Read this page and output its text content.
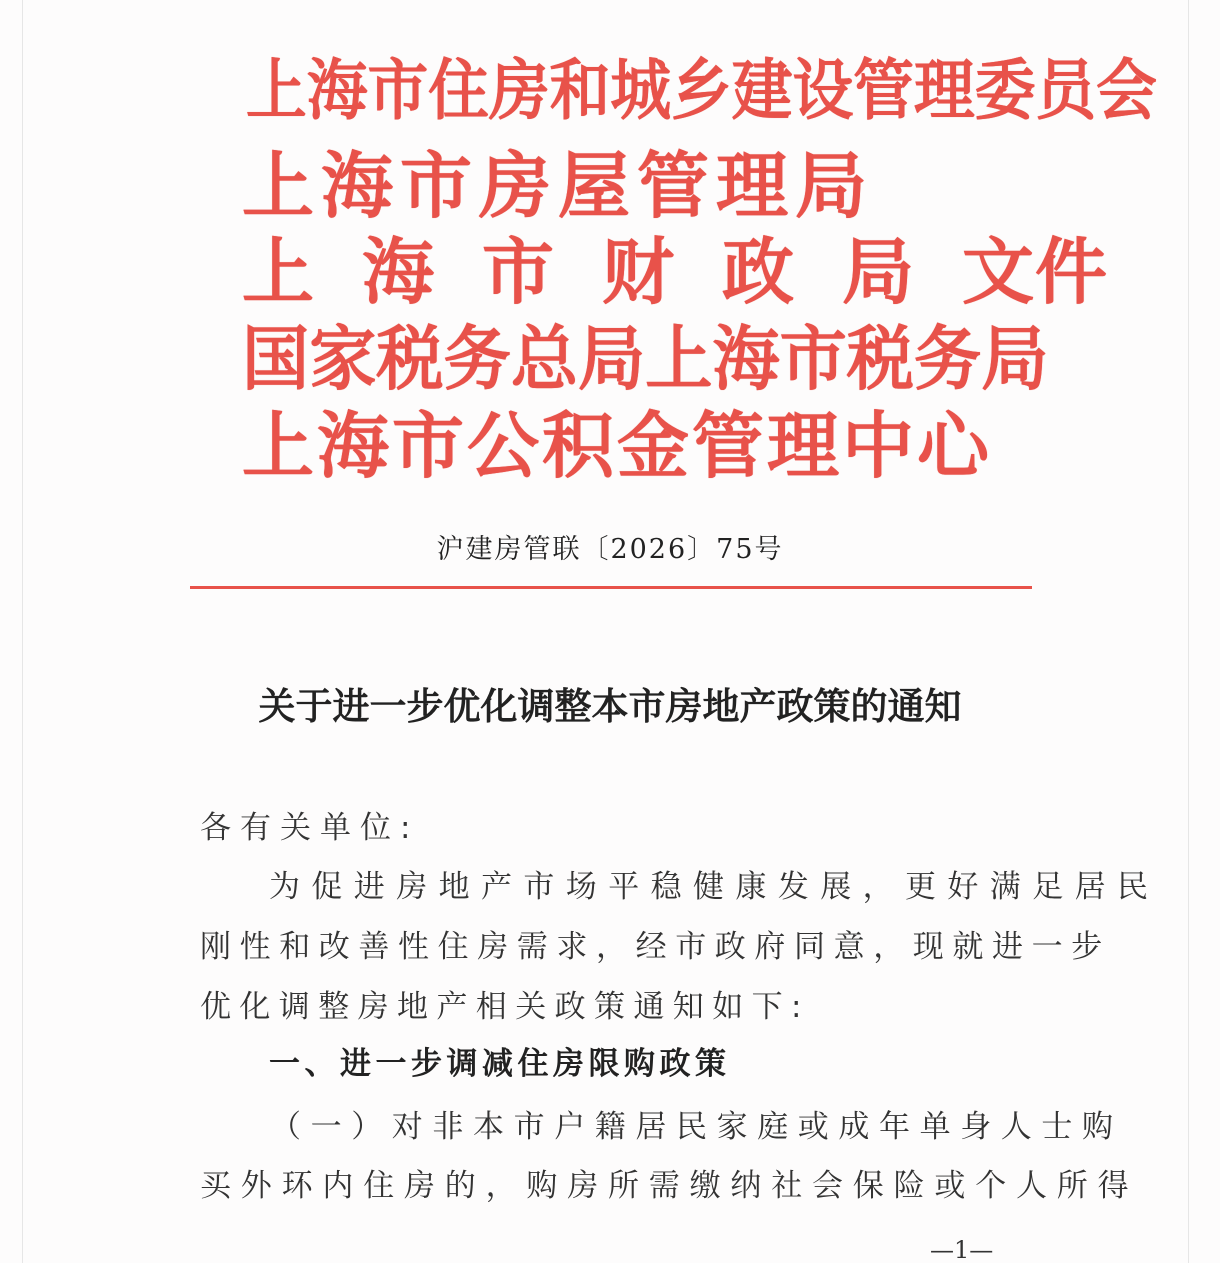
上海市住房和城乡建设管理委员会
上海市房屋管理局
上 海 市 财 政 局 文件
国家税务总局上海市税务局
上海市公积金管理中心
沪建房管联〔2026〕75号
关于进一步优化调整本市房地产政策的通知
各有关单位:
为促进房地产市场平稳健康发展，更好满足居民
刚性和改善性住房需求，经市政府同意，现就进一步
优化调整房地产相关政策通知如下:
一、进一步调减住房限购政策
（一）对非本市户籍居民家庭或成年单身人士购
买外环内住房的，购房所需缴纳社会保险或个人所得
—1—
